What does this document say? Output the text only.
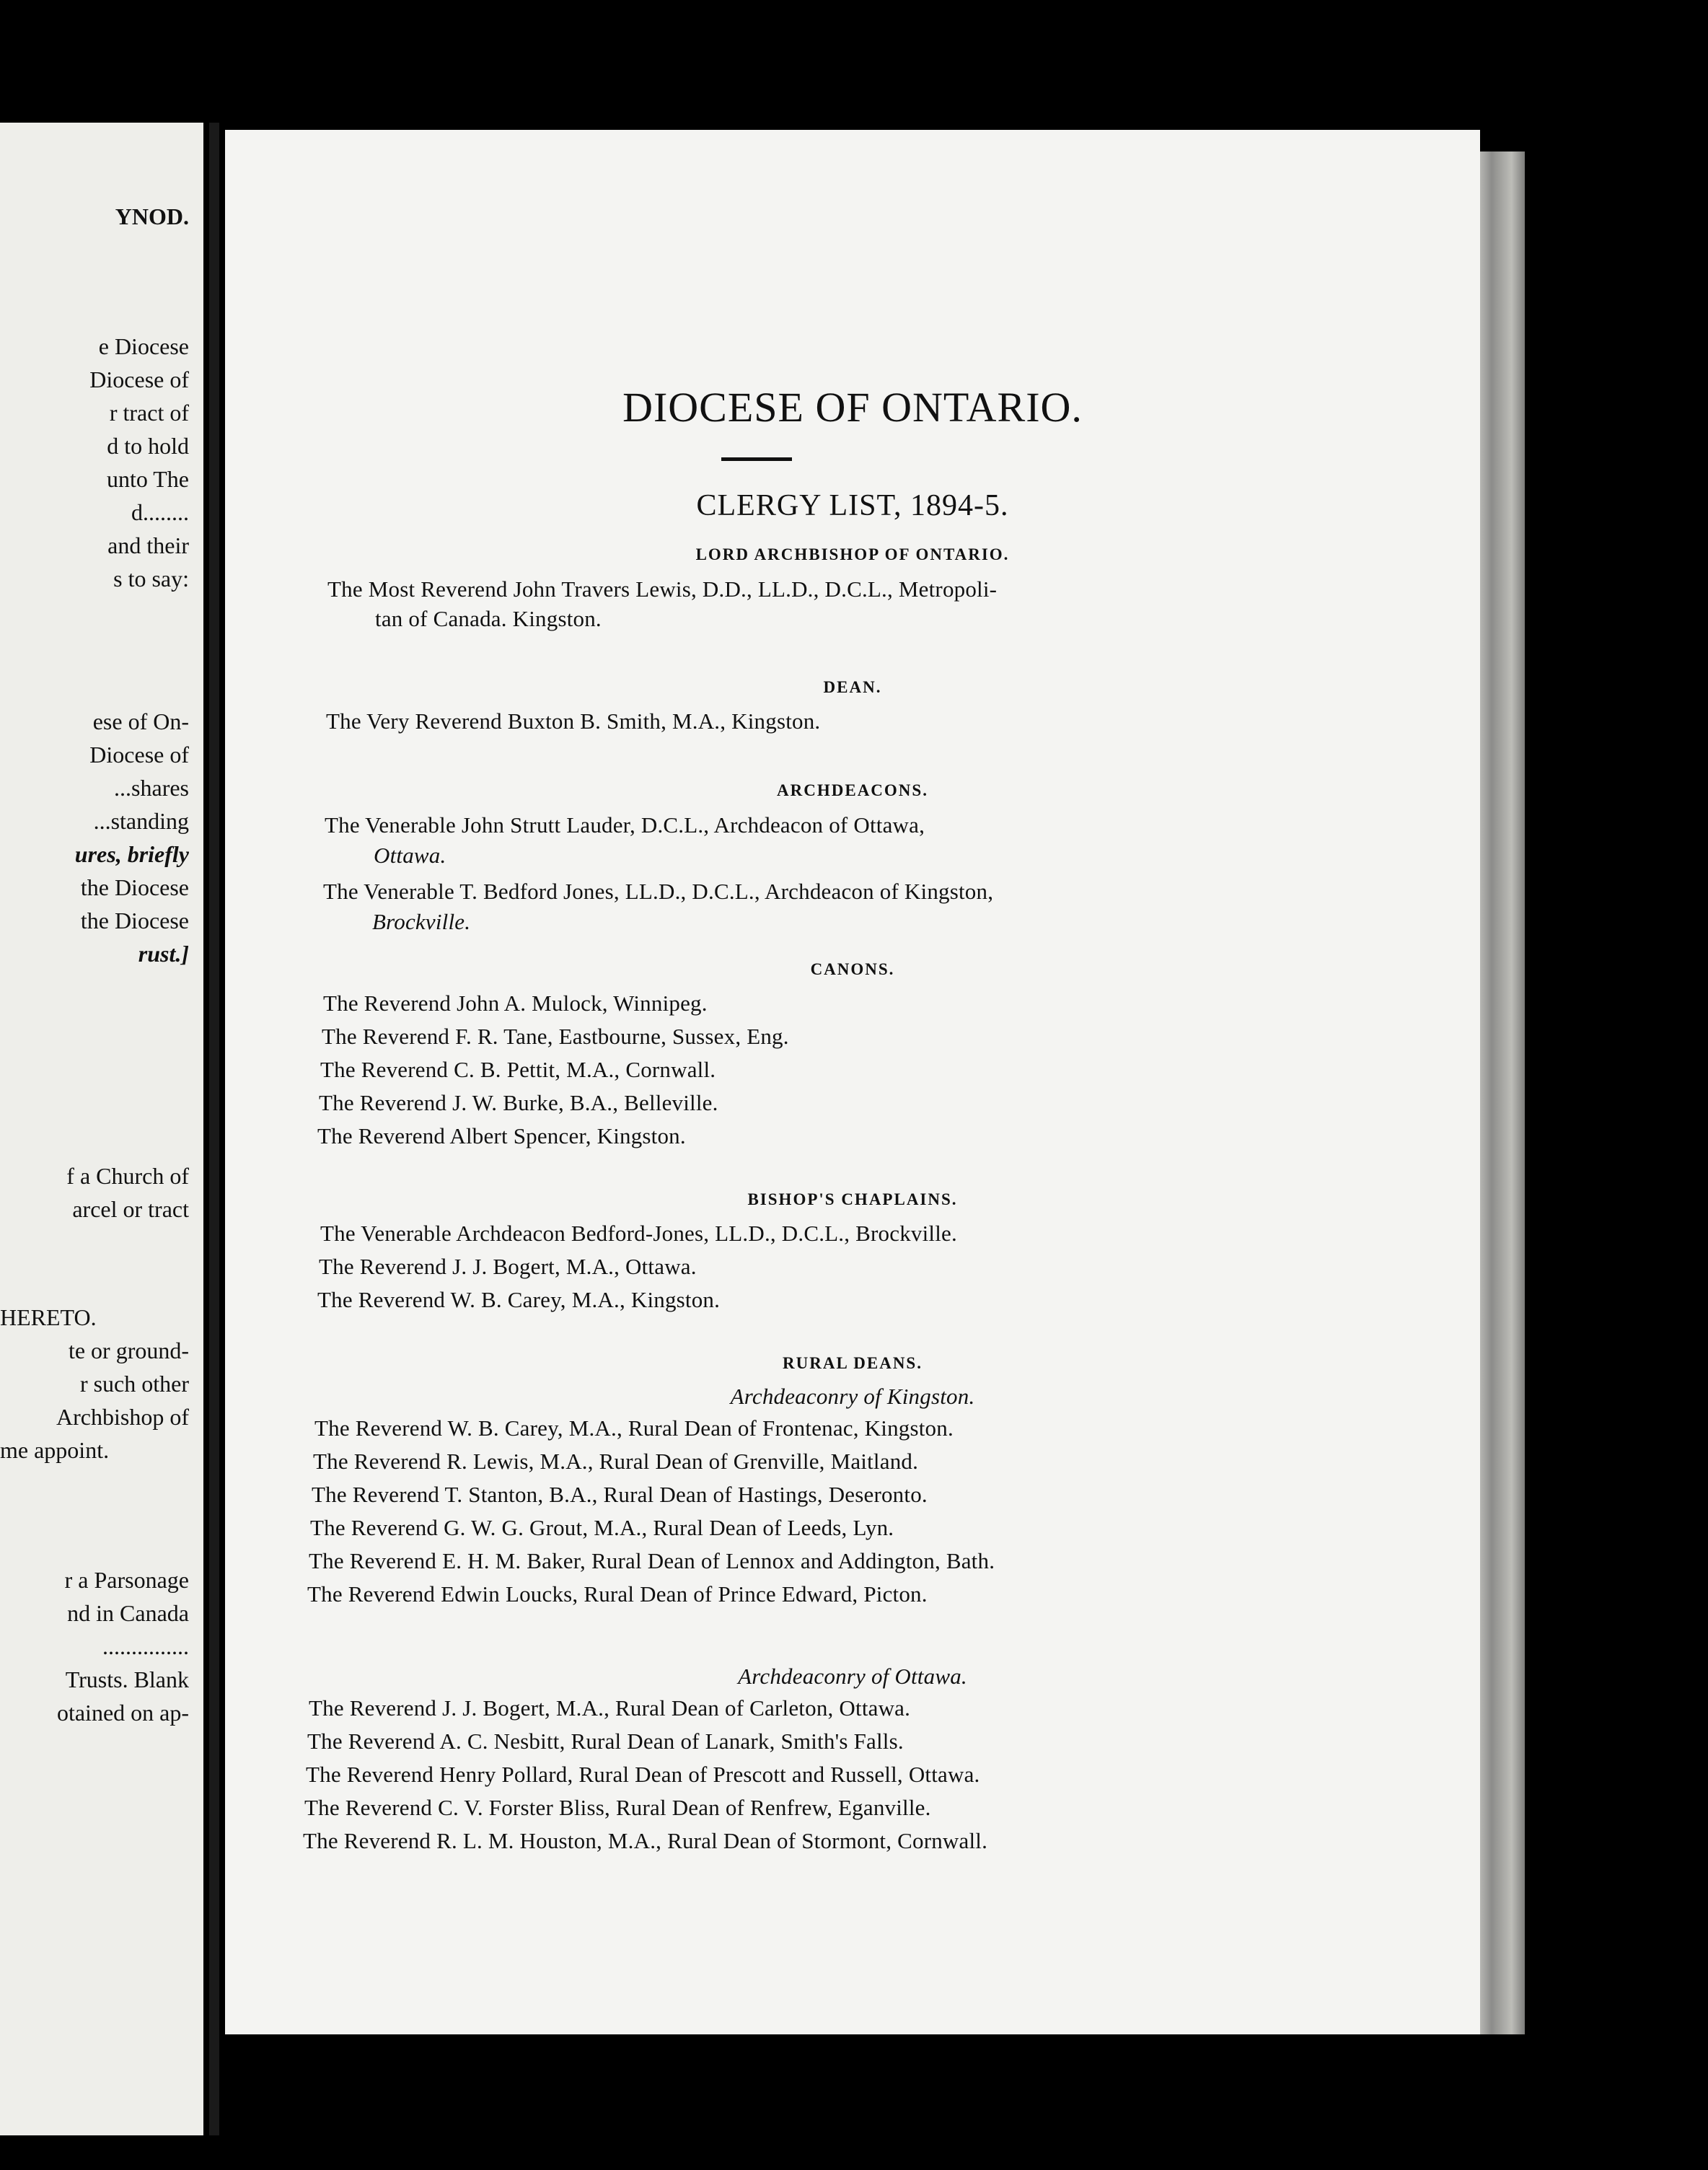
YNOD.
e Diocese
Diocese of
r tract of
d to hold
unto The
d........
and their
s to say:
ese of On-
Diocese of
...shares
...standing
ures, briefly
the Diocese
the Diocese
rust.]
f a Church of
arcel or tract
HERETO.
te or ground-
r such other
Archbishop of
me appoint.
r a Parsonage
nd in Canada
...............
Trusts. Blank
otained on ap-
DIOCESE OF ONTARIO.
CLERGY LIST, 1894-5.
LORD ARCHBISHOP OF ONTARIO.
The Most Reverend John Travers Lewis, D.D., LL.D., D.C.L., Metropoli-
tan of Canada. Kingston.
DEAN.
The Very Reverend Buxton B. Smith, M.A., Kingston.
ARCHDEACONS.
CANONS.
BISHOP'S CHAPLAINS.
RURAL DEANS.
Archdeaconry of Kingston.
Archdeaconry of Ottawa.
The Reverend John A. Mulock, Winnipeg.
The Reverend F. R. Tane, Eastbourne, Sussex, Eng.
The Reverend C. B. Pettit, M.A., Cornwall.
The Reverend J. W. Burke, B.A., Belleville.
The Reverend Albert Spencer, Kingston.
The Venerable Archdeacon Bedford-Jones, LL.D., D.C.L., Brockville.
The Reverend J. J. Bogert, M.A., Ottawa.
The Reverend W. B. Carey, M.A., Kingston.
The Reverend W. B. Carey, M.A., Rural Dean of Frontenac, Kingston.
The Reverend R. Lewis, M.A., Rural Dean of Grenville, Maitland.
The Reverend T. Stanton, B.A., Rural Dean of Hastings, Deseronto.
The Reverend G. W. G. Grout, M.A., Rural Dean of Leeds, Lyn.
The Reverend E. H. M. Baker, Rural Dean of Lennox and Addington, Bath.
The Reverend Edwin Loucks, Rural Dean of Prince Edward, Picton.
The Reverend J. J. Bogert, M.A., Rural Dean of Carleton, Ottawa.
The Reverend A. C. Nesbitt, Rural Dean of Lanark, Smith's Falls.
The Reverend Henry Pollard, Rural Dean of Prescott and Russell, Ottawa.
The Reverend C. V. Forster Bliss, Rural Dean of Renfrew, Eganville.
The Reverend R. L. M. Houston, M.A., Rural Dean of Stormont, Cornwall.
The Venerable John Strutt Lauder, D.C.L., Archdeacon of Ottawa,
Ottawa.
The Venerable T. Bedford Jones, LL.D., D.C.L., Archdeacon of Kingston,
Brockville.
